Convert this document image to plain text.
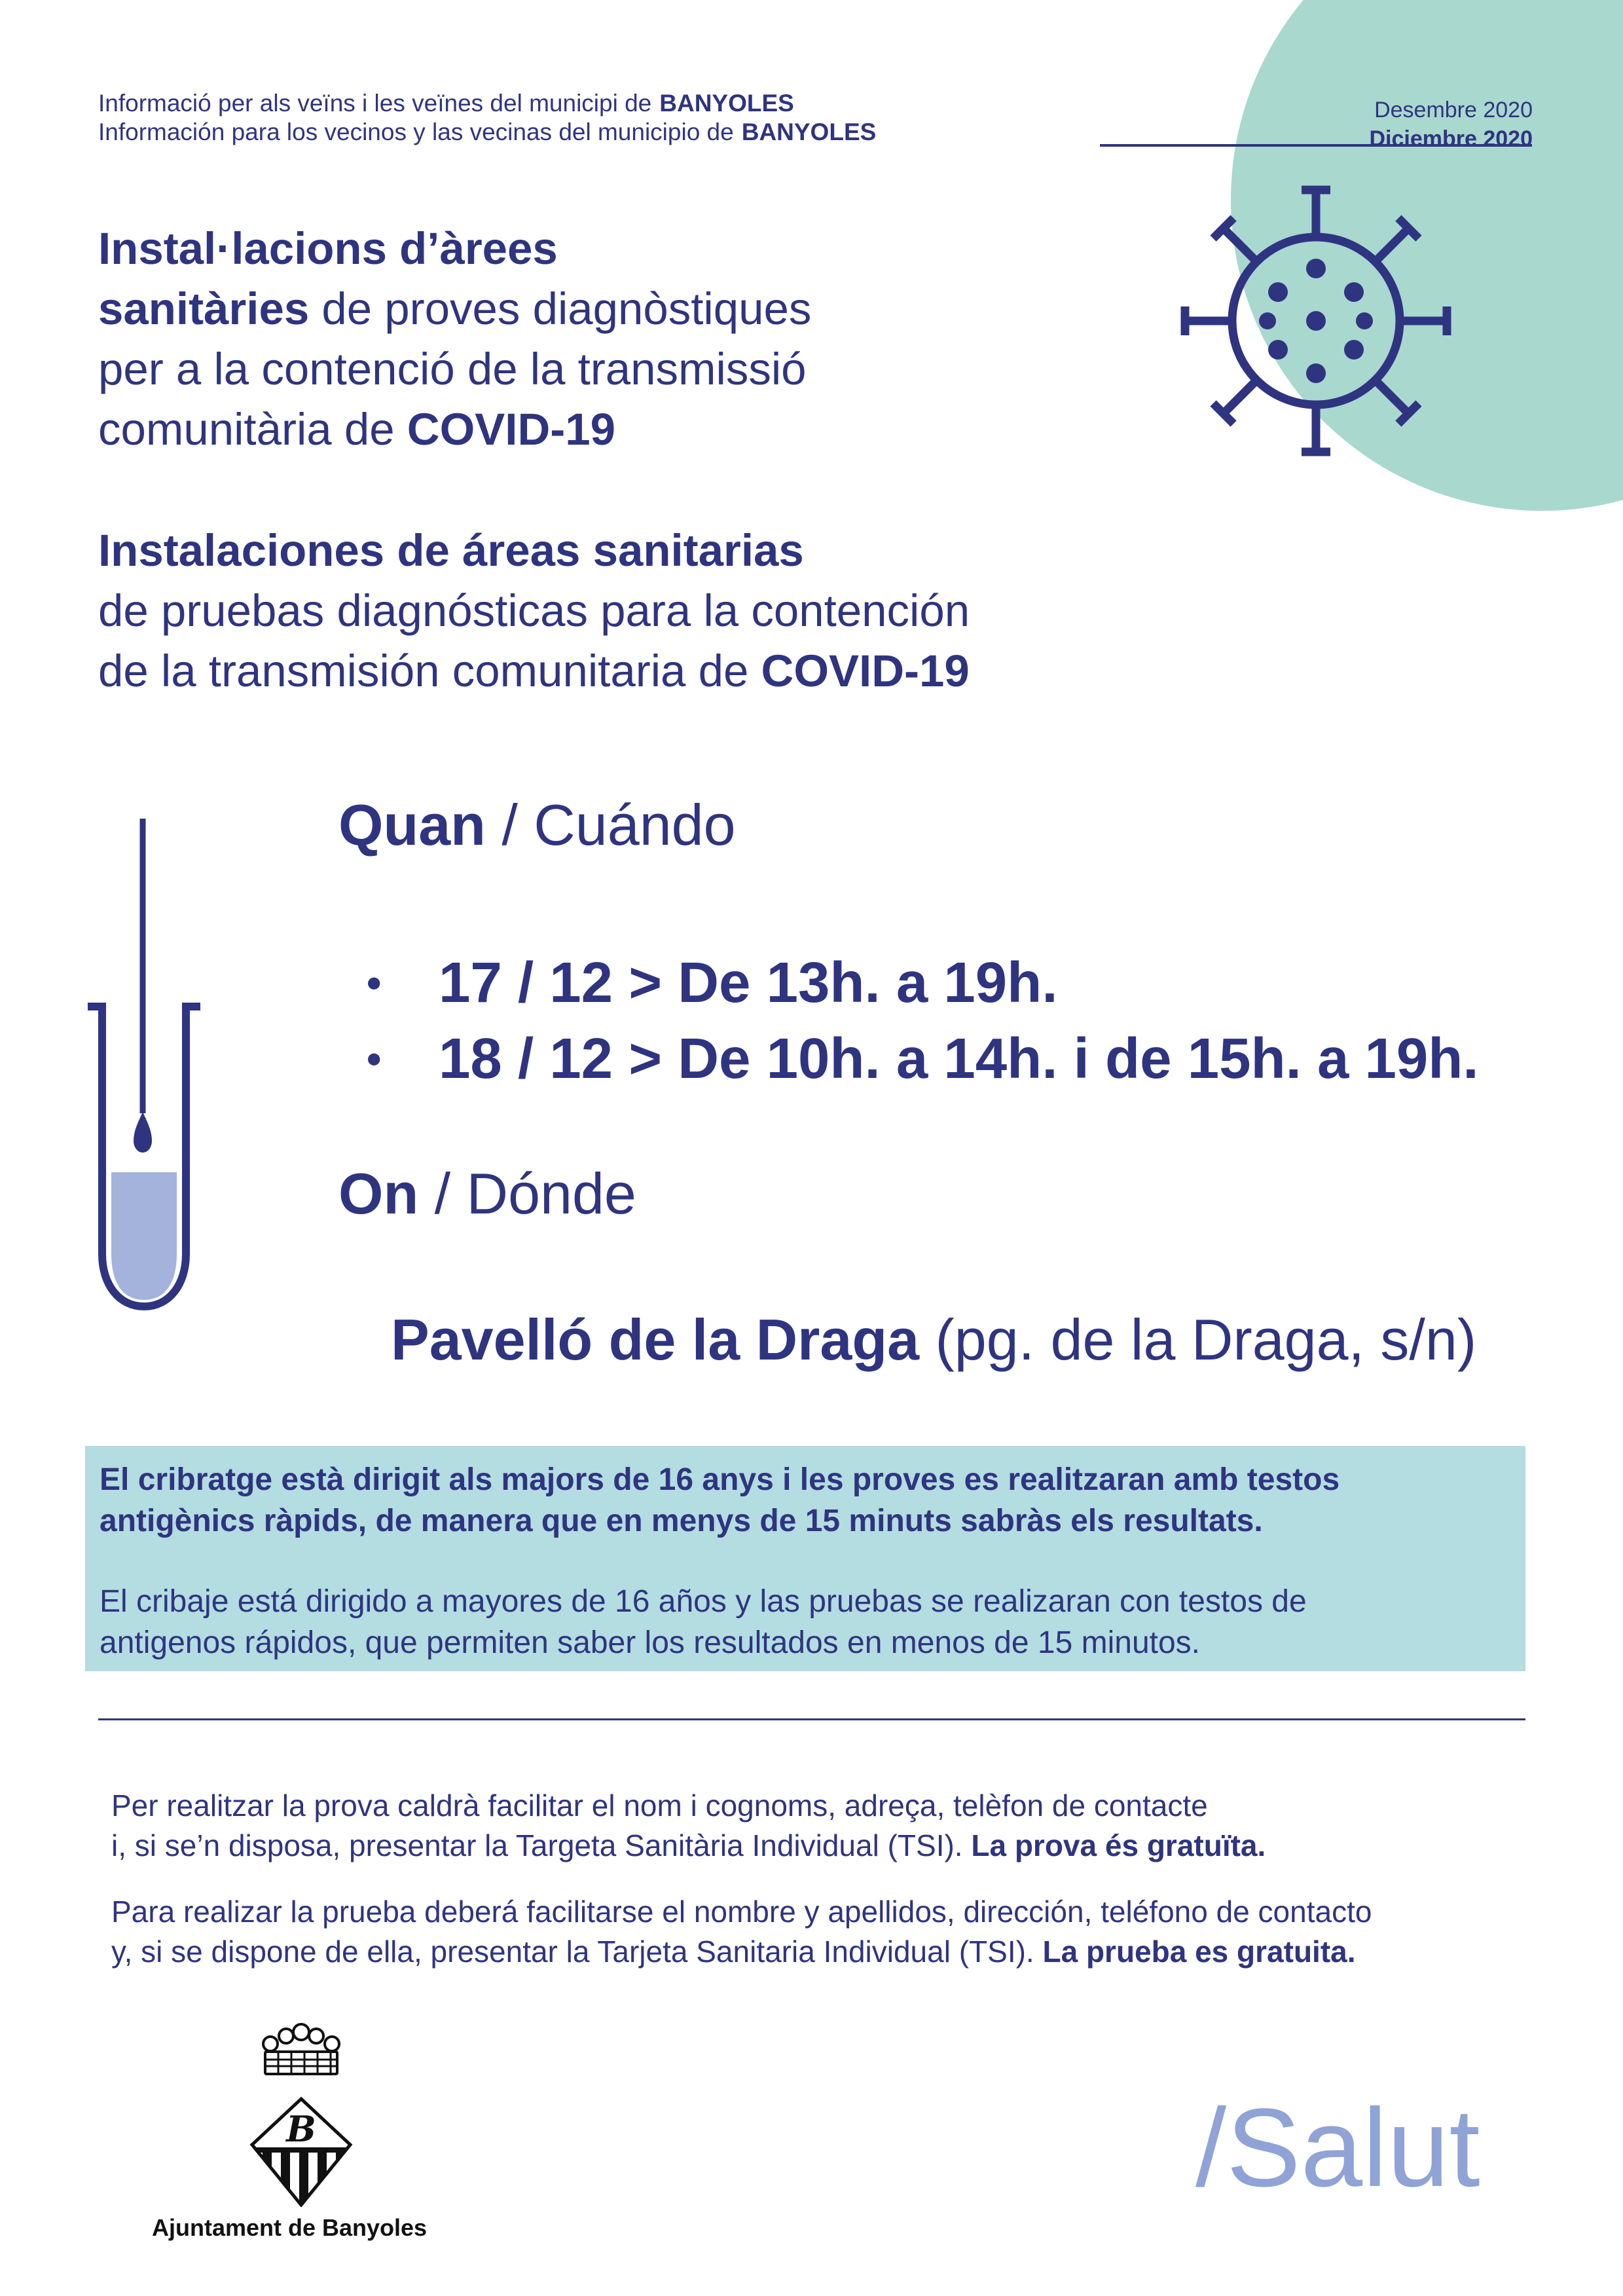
Informació per als veïns i les veïnes del municipi de BANYOLES
Información para los vecinos y las vecinas del municipio de BANYOLES
Desembre 2020
Diciembre 2020
Instal·lacions d’àrees
sanitàries de proves diagnòstiques
per a la contenció de la transmissió
comunitària de COVID-19
Instalaciones de áreas sanitarias
de pruebas diagnósticas para la contención
de la transmisión comunitaria de COVID-19
Quan / Cuándo
• 17 / 12 > De 13h. a 19h.
• 18 / 12 > De 10h. a 14h. i de 15h. a 19h.
On / Dónde
Pavelló de la Draga (pg. de la Draga, s/n)
El cribratge està dirigit als majors de 16 anys i les proves es realitzaran amb testos
antigènics ràpids, de manera que en menys de 15 minuts sabràs els resultats.
El cribaje está dirigido a mayores de 16 años y las pruebas se realizaran con testos de
antigenos rápidos, que permiten saber los resultados en menos de 15 minutos.

Per realitzar la prova caldrà facilitar el nom i cognoms, adreça, telèfon de contacte
i, si se’n disposa, presentar la Targeta Sanitària Individual (TSI). La prova és gratuïta.

Para realizar la prueba deberá facilitarse el nombre y apellidos, dirección, teléfono de contacto
y, si se dispone de ella, presentar la Tarjeta Sanitaria Individual (TSI). La prueba es gratuita.

B
Ajuntament de Banyoles
/Salut
